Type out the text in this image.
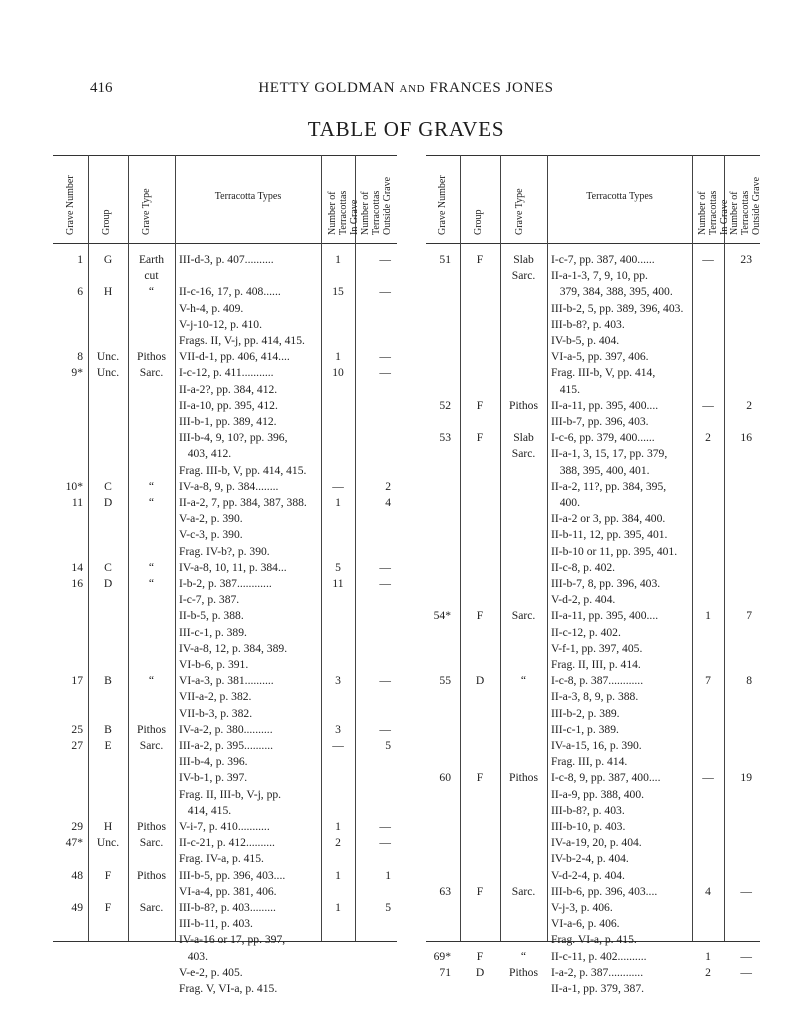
416	HETTY GOLDMAN AND FRANCES JONES
TABLE OF GRAVES
Grave Number	Group	Grave Type	Number of Terracottas In Grave Number of Terracottas Outside Grave
Terracotta Types
1	G	Earth	III-d-3, p. 407..........	1	—
cut
6	H	“	II-c-16, 17, p. 408......	15	—
V-h-4, p. 409.
V-j-10-12, p. 410.
Frags. II, V-j, pp. 414, 415.
8	Unc.	Pithos	VII-d-1, pp. 406, 414....	1	—
9*	Unc.	Sarc.	I-c-12, p. 411...........	10	—
II-a-2?, pp. 384, 412.
II-a-10, pp. 395, 412.
III-b-1, pp. 389, 412.
III-b-4, 9, 10?, pp. 396,
403, 412.
Frag. III-b, V, pp. 414, 415.
10*	C	“	IV-a-8, 9, p. 384........	—	2
11	D	“	II-a-2, 7, pp. 384, 387, 388.	1	4
V-a-2, p. 390.
V-c-3, p. 390.
Frag. IV-b?, p. 390.
14	C	“	IV-a-8, 10, 11, p. 384...	5	—
16	D	“	I-b-2, p. 387............	11	—
I-c-7, p. 387.
II-b-5, p. 388.
III-c-1, p. 389.
IV-a-8, 12, p. 384, 389.
VI-b-6, p. 391.
17	B	“	VI-a-3, p. 381..........	3	—
VII-a-2, p. 382.
VII-b-3, p. 382.
25	B	Pithos	IV-a-2, p. 380..........	3	—
27	E	Sarc.	III-a-2, p. 395..........	—	5
III-b-4, p. 396.
IV-b-1, p. 397.
Frag. II, III-b, V-j, pp.
414, 415.
29	H	Pithos	V-i-7, p. 410...........	1	—
47*	Unc.	Sarc.	II-c-21, p. 412..........	2	—
Frag. IV-a, p. 415.
48	F	Pithos	III-b-5, pp. 396, 403....	1	1
VI-a-4, pp. 381, 406.
49	F	Sarc.	III-b-8?, p. 403.........	1	5
III-b-11, p. 403.
IV-a-16 or 17, pp. 397,
403.
V-e-2, p. 405.
Frag. V, VI-a, p. 415.
Grave Number	Group	Grave Type	Number of Terracottas In Grave Number of Terracottas Outside Grave
Terracotta Types
51	F	Slab	I-c-7, pp. 387, 400......	—	23
Sarc.	II-a-1-3, 7, 9, 10, pp.
379, 384, 388, 395, 400.
III-b-2, 5, pp. 389, 396, 403.
III-b-8?, p. 403.
IV-b-5, p. 404.
VI-a-5, pp. 397, 406.
Frag. III-b, V, pp. 414,
415.
52	F	Pithos	II-a-11, pp. 395, 400....	—	2
III-b-7, pp. 396, 403.
53	F	Slab	I-c-6, pp. 379, 400......	2	16
Sarc.	II-a-1, 3, 15, 17, pp. 379,
388, 395, 400, 401.
II-a-2, 11?, pp. 384, 395,
400.
II-a-2 or 3, pp. 384, 400.
II-b-11, 12, pp. 395, 401.
II-b-10 or 11, pp. 395, 401.
II-c-8, p. 402.
III-b-7, 8, pp. 396, 403.
V-d-2, p. 404.
54*	F	Sarc.	II-a-11, pp. 395, 400....	1	7
II-c-12, p. 402.
V-f-1, pp. 397, 405.
Frag. II, III, p. 414.
55	D	“	I-c-8, p. 387............	7	8
II-a-3, 8, 9, p. 388.
III-b-2, p. 389.
III-c-1, p. 389.
IV-a-15, 16, p. 390.
Frag. III, p. 414.
60	F	Pithos	I-c-8, 9, pp. 387, 400....	—	19
II-a-9, pp. 388, 400.
III-b-8?, p. 403.
III-b-10, p. 403.
IV-a-19, 20, p. 404.
IV-b-2-4, p. 404.
V-d-2-4, p. 404.
63	F	Sarc.	III-b-6, pp. 396, 403....	4	—
V-j-3, p. 406.
VI-a-6, p. 406.
Frag. VI-a, p. 415.
69*	F	“	II-c-11, p. 402..........	1	—
71	D	Pithos	I-a-2, p. 387............	2	—
II-a-1, pp. 379, 387.
